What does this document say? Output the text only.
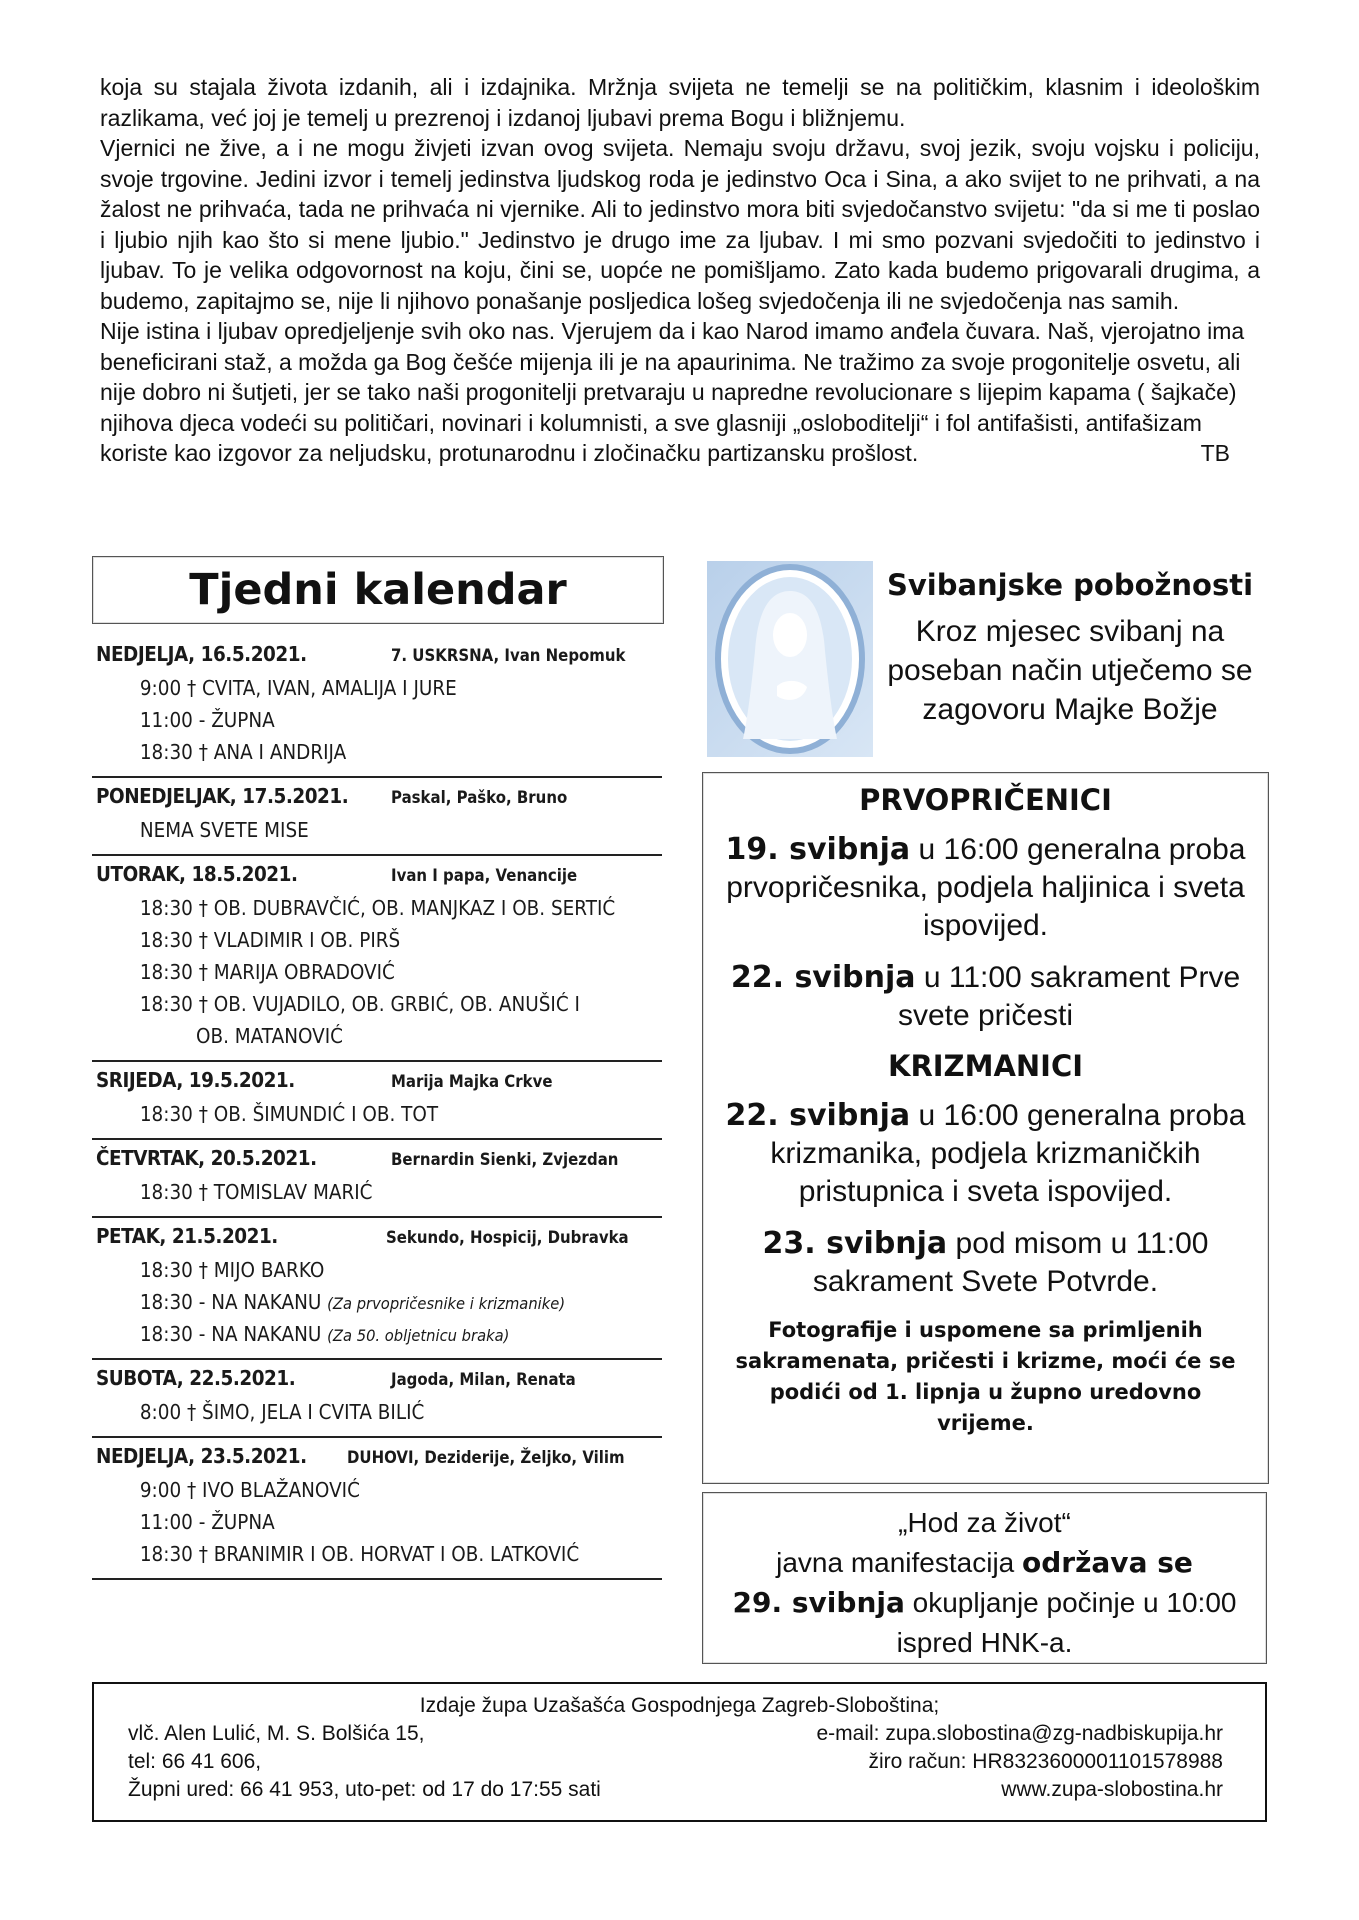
koja su stajala života izdanih, ali i izdajnika. Mržnja svijeta ne temelji se na političkim, klasnim i ideološkim razlikama, već joj je temelj u prezrenoj i izdanoj ljubavi prema Bogu i bližnjemu.

Vjernici ne žive, a i ne mogu živjeti izvan ovog svijeta. Nemaju svoju državu, svoj jezik, svoju vojsku i policiju, svoje trgovine. Jedini izvor i temelj jedinstva ljudskog roda je jedinstvo Oca i Sina, a ako svijet to ne prihvati, a na žalost ne prihvaća, tada ne prihvaća ni vjernike. Ali to jedinstvo mora biti svjedočanstvo svijetu: "da si me ti poslao i ljubio njih kao što si mene ljubio." Jedinstvo je drugo ime za ljubav. I mi smo pozvani svjedočiti to jedinstvo i ljubav. To je velika odgovornost na koju, čini se, uopće ne pomišljamo. Zato kada budemo prigovarali drugima, a budemo, zapitajmo se, nije li njihovo ponašanje posljedica lošeg svjedočenja ili ne svjedočenja nas samih.

Nije istina i ljubav opredjeljenje svih oko nas. Vjerujem da i kao Narod imamo anđela čuvara. Naš, vjerojatno ima beneficirani staž, a možda ga Bog češće mijenja ili je na apaurinima. Ne tražimo za svoje progonitelje osvetu, ali nije dobro ni šutjeti, jer se tako naši progonitelji pretvaraju u napredne revolucionare s lijepim kapama ( šajkače) njihova djeca vodeći su političari, novinari i kolumnisti, a sve glasniji „osloboditelji“ i fol antifašisti, antifašizam koriste kao izgovor za neljudsku, protunarodnu i zločinačku partizansku prošlost.	TB
Tjedni kalendar
NEDJELJA, 16.5.2021.	7. USKRSNA, Ivan Nepomuk
9:00 † CVITA, IVAN, AMALIJA I JURE
11:00 - ŽUPNA
18:30 † ANA I ANDRIJA
PONEDJELJAK, 17.5.2021.	Paskal, Paško, Bruno
NEMA SVETE MISE
UTORAK, 18.5.2021.	Ivan I papa, Venancije
18:30 † OB. DUBRAVČIĆ, OB. MANJKAZ I OB. SERTIĆ
18:30 † VLADIMIR I OB. PIRŠ
18:30 † MARIJA OBRADOVIĆ
18:30 † OB. VUJADILO, OB. GRBIĆ, OB. ANUŠIĆ I
OB. MATANOVIĆ
SRIJEDA, 19.5.2021.	Marija Majka Crkve
18:30 † OB. ŠIMUNDIĆ I OB. TOT
ČETVRTAK, 20.5.2021.	Bernardin Sienki, Zvjezdan
18:30 † TOMISLAV MARIĆ
PETAK, 21.5.2021.	Sekundo, Hospicij, Dubravka
18:30 † MIJO BARKO
18:30 - NA NAKANU (Za prvopričesnike i krizmanike)
18:30 - NA NAKANU (Za 50. obljetnicu braka)
SUBOTA, 22.5.2021.	Jagoda, Milan, Renata
8:00 † ŠIMO, JELA I CVITA BILIĆ
NEDJELJA, 23.5.2021.	DUHOVI, Deziderije, Željko, Vilim
9:00 † IVO BLAŽANOVIĆ
11:00 - ŽUPNA
18:30 † BRANIMIR I OB. HORVAT I OB. LATKOVIĆ
Svibanjske pobožnosti
Kroz mjesec svibanj na poseban način utječemo se zagovoru Majke Božje
PRVOPRIČENICI
19. svibnja u 16:00 generalna proba prvopričesnika, podjela haljinica i sveta ispovijed.
22. svibnja u 11:00 sakrament Prve svete pričesti
KRIZMANICI
22. svibnja u 16:00 generalna proba krizmanika, podjela krizmaničkih pristupnica i sveta ispovijed.
23. svibnja pod misom u 11:00 sakrament Svete Potvrde.
Fotografije i uspomene sa primljenih sakramenata, pričesti i krizme, moći će se podići od 1. lipnja u župno uredovno vrijeme.
„Hod za život“
javna manifestacija održava se
29. svibnja okupljanje počinje u 10:00
ispred HNK-a.
Izdaje župa Uzašašća Gospodnjega Zagreb-Sloboština;
vlč. Alen Lulić, M. S. Bolšića 15,
tel: 66 41 606,
Župni ured: 66 41 953, uto-pet: od 17 do 17:55 sati
e-mail: zupa.slobostina@zg-nadbiskupija.hr
žiro račun: HR8323600001101578988
www.zupa-slobostina.hr
